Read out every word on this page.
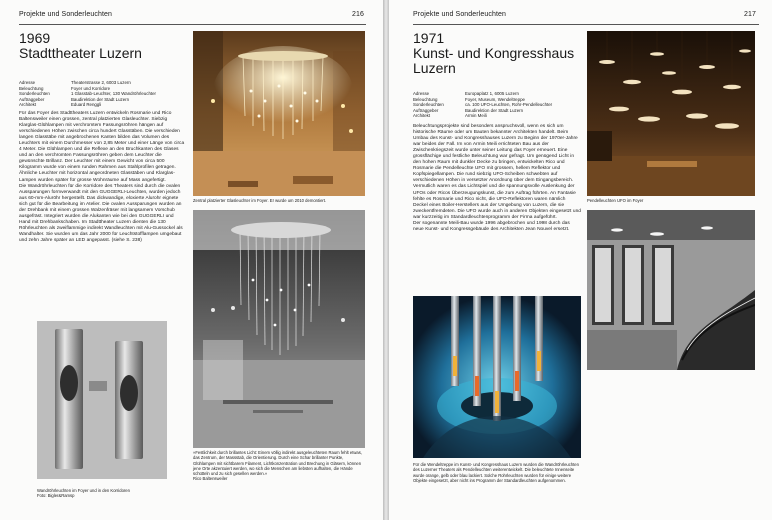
Projekte und Sonderleuchten	216
1969
Stadttheater Luzern
Adresse	Theaterstrasse 2, 6003 Luzern
Beleuchtung	Foyer und Korridore
Sonderleuchten	1 Glasstab-Leuchter, 130 Wandröhrleuchter
Auftraggeber	Baudirektion der Stadt Luzern
Architekt	Eduard Renggli
Für das Foyer des Stadttheaters Luzern entwickeln Rosmarie und Rico Baltensweiler einen grossen, zentral platzierten Glasleuchter. Siebzig Klarglas-Glühlampen mit verchromtem Fassungsröhren hängen auf verschiedenen Höhen zwischen circa hundert Glasstäben. Die verschieden langen Glasstäbe mit angebrochenen Kanten bilden das Volumen des Leuchters mit einem Durchmesser von 2,85 Meter und einer Länge von circa 4 Meter. Die Glühlampen und die Reflexe an den Bruchkanten des Glases und an den verchromten Fassungsröhren geben dem Leuchter die gewünschte Brillanz. Der Leuchter mit einem Gewicht von circa 500 Kilogramm wurde von einem runden Rahmen aus Stahlprofilen getragen. Ähnliche Leuchter mit horizontal angeordneten Glasstäben und Klarglas-Lampen wurden später für grosse Wohnräume auf Mass angefertigt.
Die Wandröhrleuchten für die Korridore des Theaters sind durch die ovalen Aussparungen formverwandt mit den GUGGERLI-Leuchten, wurden jedoch aus 60-mm-Aluröhr hergestellt. Das dickwandige, eloxierte Alurohr eignete sich gut für die Bearbeitung im Atelier. Die ovalen Aussparungen wurden an der Drehbank mit einem grossen Walzenfräser mit langsamem Vorschub ausgefräst. Integriert wurden die Alukanten wie bei den GUGGERLI und Hand mit Drehbankschaben. Im Stadttheater Luzern dienten die 130 Röhrleuchten als zweiflammige indirekt Wandleuchten mit Alu-Gussockel als Wandhalter. Sie wurden um das Jahr 2000 für Leuchtstofflampen umgebaut und zehn Jahre später an LED angepasst. (siehe S. 238)
Zentral platzierter Glasleuchter im Foyer. Er wurde um 2010 demontiert.
»Festlichkeit durch brillantes Licht: Einem völlig indirekt ausgeleuchteten Raum fehlt etwas, das Zentrum, der Massstab, die Orientierung. Durch eine Schar brillanter Punkte, Glühlampen mit sichtbarem Filament, Lichtkonzentration und Brechung in Gläsern, können jene Orte akzentuiert werden, wo sich die Menschen am liebsten aufhalten, die Hände schütteln und zu sich gesellen werden.«
Rico Baltensweiler
Wandröhrleuchten im Foyer und in den Korridoren
Foto: Bigler&Ramsp
Projekte und Sonderleuchten	217
1971
Kunst- und Kongresshaus
Luzern
Adresse	Europaplatz 1, 6005 Luzern
Beleuchtung	Foyer, Museum, Wendeltreppe
Sonderleuchten	ca. 100 UFO-Leuchten, Rohr-Pendelleuchter
Auftraggeber	Baudirektion der Stadt Luzern
Architekt	Armin Meili
Beleuchtungsprojekte sind besonders anspruchsvoll, wenn es sich um historische Räume oder um Bauten bekannter Architekten handelt. Beim Umbau des Kunst- und Kongresshauses Luzern zu Beginn der 1970er-Jahre war beides der Fall. Im von Armin Meili errichteten Bau aus der Zwischenkriegszeit wurde unter seiner Leitung das Foyer erneuert. Eine grossflächige und festliche Beleuchtung war gefragt. Um genügend Licht in den hohen Raum mit dunkler Decke zu bringen, entwickelten Rico und Rosmarie die Pendelleuchte UFO mit grossem, hellem Reflektor und Kopfspiegellampen. Die rund siebzig UFO-Scheiben schwebten auf verschiedenen Höhen in versetzter Anordnung über dem Eingangsbereich. Vermutlich waren es das Lichtspiel und die spannungsvolle Auslenkung der UFOs oder Ricos Überzeugungskunst, die zum Auftrag führten. An Fantasie fehlte es Rosmarie und Rico nicht, die UFO-Reflektoren waren nämlich Deckel eines Boiler-Herstellers aus der Umgebung von Luzern, die sie zweckentfremdeten. Die UFO wurde auch in anderen Objekten eingesetzt und war kurzzeitig im Standardleuchtenprogramm der Firma aufgeführt.
Der sogenannte Meili-Bau wurde 1996 abgebrochen und 1998 durch das neue Kunst- und Kongressgebäude des Architekten Jean Nouvel ersetzt.
Pendelleuchten UFO im Foyer
Für die Wendeltreppe im Kunst- und Kongresshaus Luzern wurden die Wandröhrleuchten des Luzerner Theaters als Pendelleuchten weiterentwickelt. Die beleuchtete Innenseite wurde orange, gelb oder blau lackiert. Solche Rohrleuchten wurden für einige weitere Objekte eingesetzt, aber nicht ins Programm der Standardleuchten aufgenommen.
